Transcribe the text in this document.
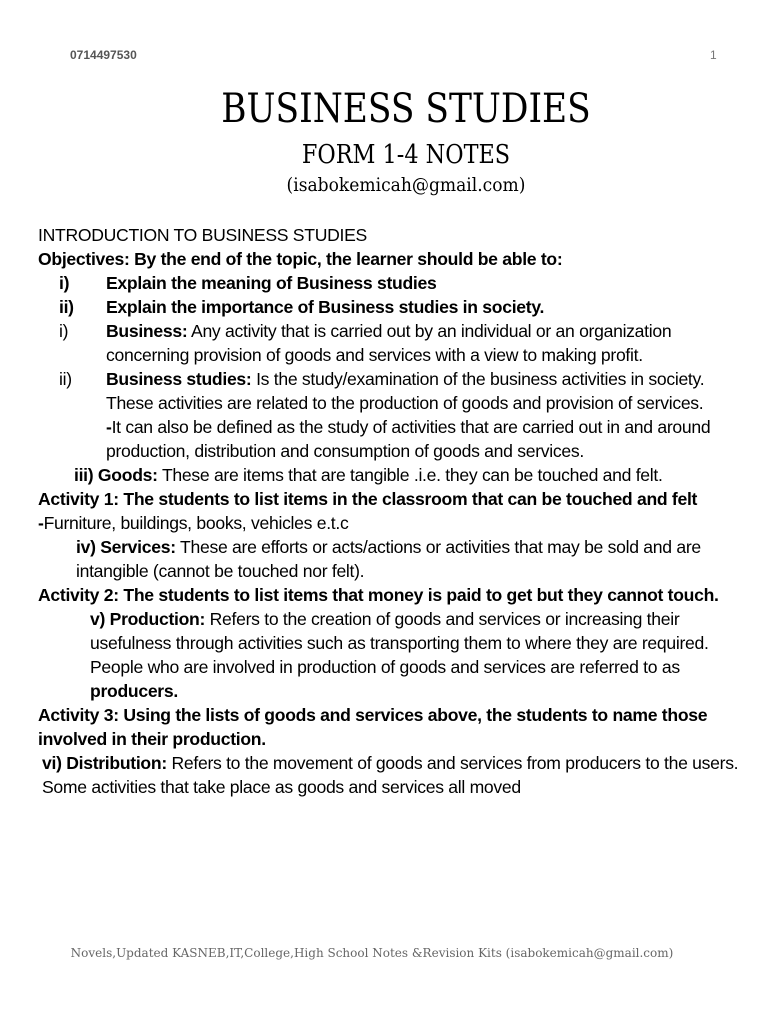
0714497530	1
BUSINESS STUDIES
FORM 1-4 NOTES
(isabokemicah@gmail.com)

INTRODUCTION TO BUSINESS STUDIES

Objectives: By the end of the topic, the learner should be able to:

i)	Explain the meaning of Business studies
ii)	Explain the importance of Business studies in society.
i)	Business: Any activity that is carried out by an individual or an organization concerning provision of goods and services with a view to making profit.
ii)	Business studies: Is the study/examination of the business activities in society. These activities are related to the production of goods and provision of services.
-It can also be defined as the study of activities that are carried out in and around production, distribution and consumption of goods and services.

iii) Goods: These are items that are tangible .i.e. they can be touched and felt.

Activity 1: The students to list items in the classroom that can be touched and felt

-Furniture, buildings, books, vehicles e.t.c

iv) Services: These are efforts or acts/actions or activities that may be sold and are intangible (cannot be touched nor felt).

Activity 2: The students to list items that money is paid to get but they cannot touch.

v) Production: Refers to the creation of goods and services or increasing their usefulness through activities such as transporting them to where they are required. People who are involved in production of goods and services are referred to as producers.

Activity 3: Using the lists of goods and services above, the students to name those involved in their production.

vi) Distribution: Refers to the movement of goods and services from producers to the users. Some activities that take place as goods and services all moved

Novels,Updated KASNEB,IT,College,High School Notes &Revision Kits (isabokemicah@gmail.com)
